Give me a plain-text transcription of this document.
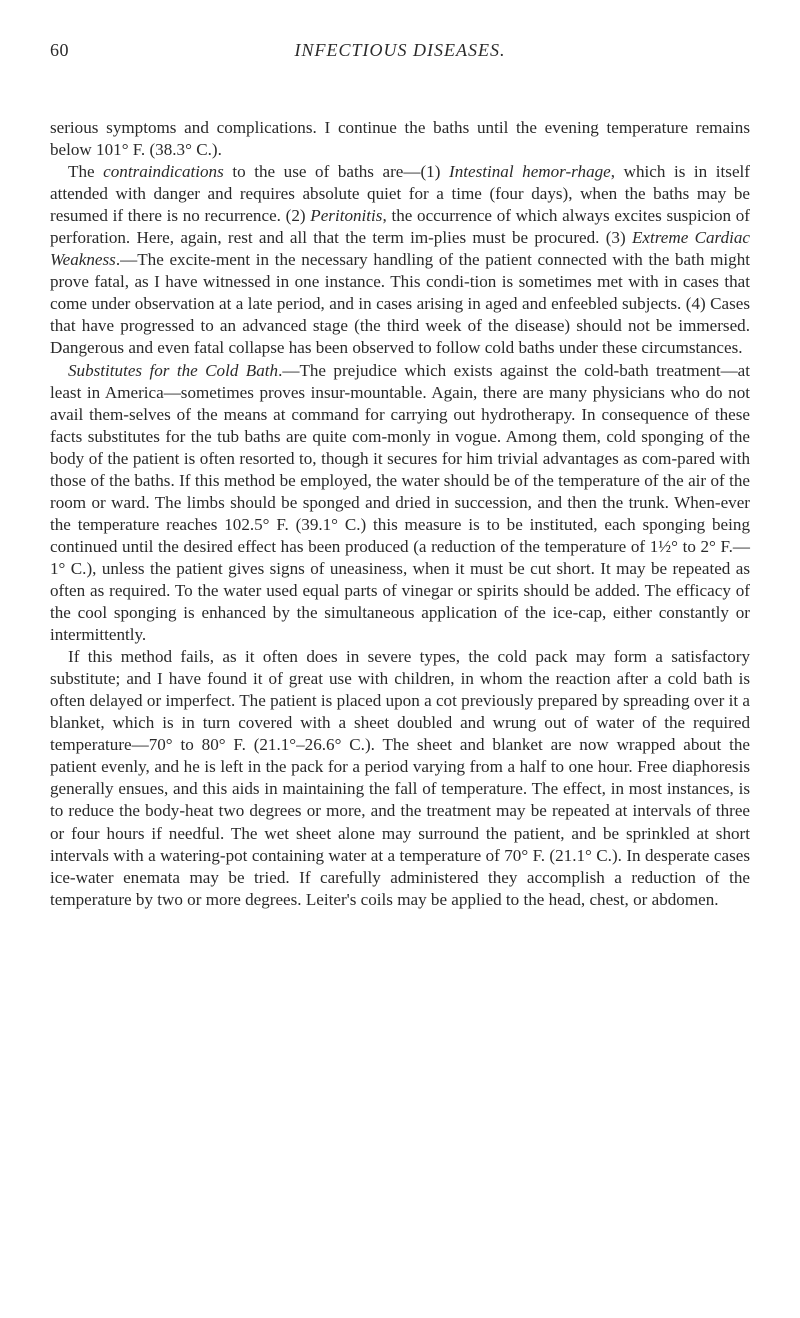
60	INFECTIOUS DISEASES.

serious symptoms and complications. I continue the baths until the evening temperature remains below 101° F. (38.3° C.).

The contraindications to the use of baths are—(1) Intestinal hemor-rhage, which is in itself attended with danger and requires absolute quiet for a time (four days), when the baths may be resumed if there is no recurrence. (2) Peritonitis, the occurrence of which always excites suspicion of perforation. Here, again, rest and all that the term im-plies must be procured. (3) Extreme Cardiac Weakness.—The excite-ment in the necessary handling of the patient connected with the bath might prove fatal, as I have witnessed in one instance. This condi-tion is sometimes met with in cases that come under observation at a late period, and in cases arising in aged and enfeebled subjects. (4) Cases that have progressed to an advanced stage (the third week of the disease) should not be immersed. Dangerous and even fatal collapse has been observed to follow cold baths under these circumstances.

Substitutes for the Cold Bath.—The prejudice which exists against the cold-bath treatment—at least in America—sometimes proves insur-mountable. Again, there are many physicians who do not avail them-selves of the means at command for carrying out hydrotherapy. In consequence of these facts substitutes for the tub baths are quite com-monly in vogue. Among them, cold sponging of the body of the patient is often resorted to, though it secures for him trivial advantages as com-pared with those of the baths. If this method be employed, the water should be of the temperature of the air of the room or ward. The limbs should be sponged and dried in succession, and then the trunk. When-ever the temperature reaches 102.5° F. (39.1° C.) this measure is to be instituted, each sponging being continued until the desired effect has been produced (a reduction of the temperature of 1½° to 2° F.—1° C.), unless the patient gives signs of uneasiness, when it must be cut short. It may be repeated as often as required. To the water used equal parts of vinegar or spirits should be added. The efficacy of the cool sponging is enhanced by the simultaneous application of the ice-cap, either constantly or intermittently.

If this method fails, as it often does in severe types, the cold pack may form a satisfactory substitute; and I have found it of great use with children, in whom the reaction after a cold bath is often delayed or imperfect. The patient is placed upon a cot previously prepared by spreading over it a blanket, which is in turn covered with a sheet doubled and wrung out of water of the required temperature—70° to 80° F. (21.1°–26.6° C.). The sheet and blanket are now wrapped about the patient evenly, and he is left in the pack for a period varying from a half to one hour. Free diaphoresis generally ensues, and this aids in maintaining the fall of temperature. The effect, in most instances, is to reduce the body-heat two degrees or more, and the treatment may be repeated at intervals of three or four hours if needful. The wet sheet alone may surround the patient, and be sprinkled at short intervals with a watering-pot containing water at a temperature of 70° F. (21.1° C.). In desperate cases ice-water enemata may be tried. If carefully administered they accomplish a reduction of the temperature by two or more degrees. Leiter's coils may be applied to the head, chest, or abdomen.
